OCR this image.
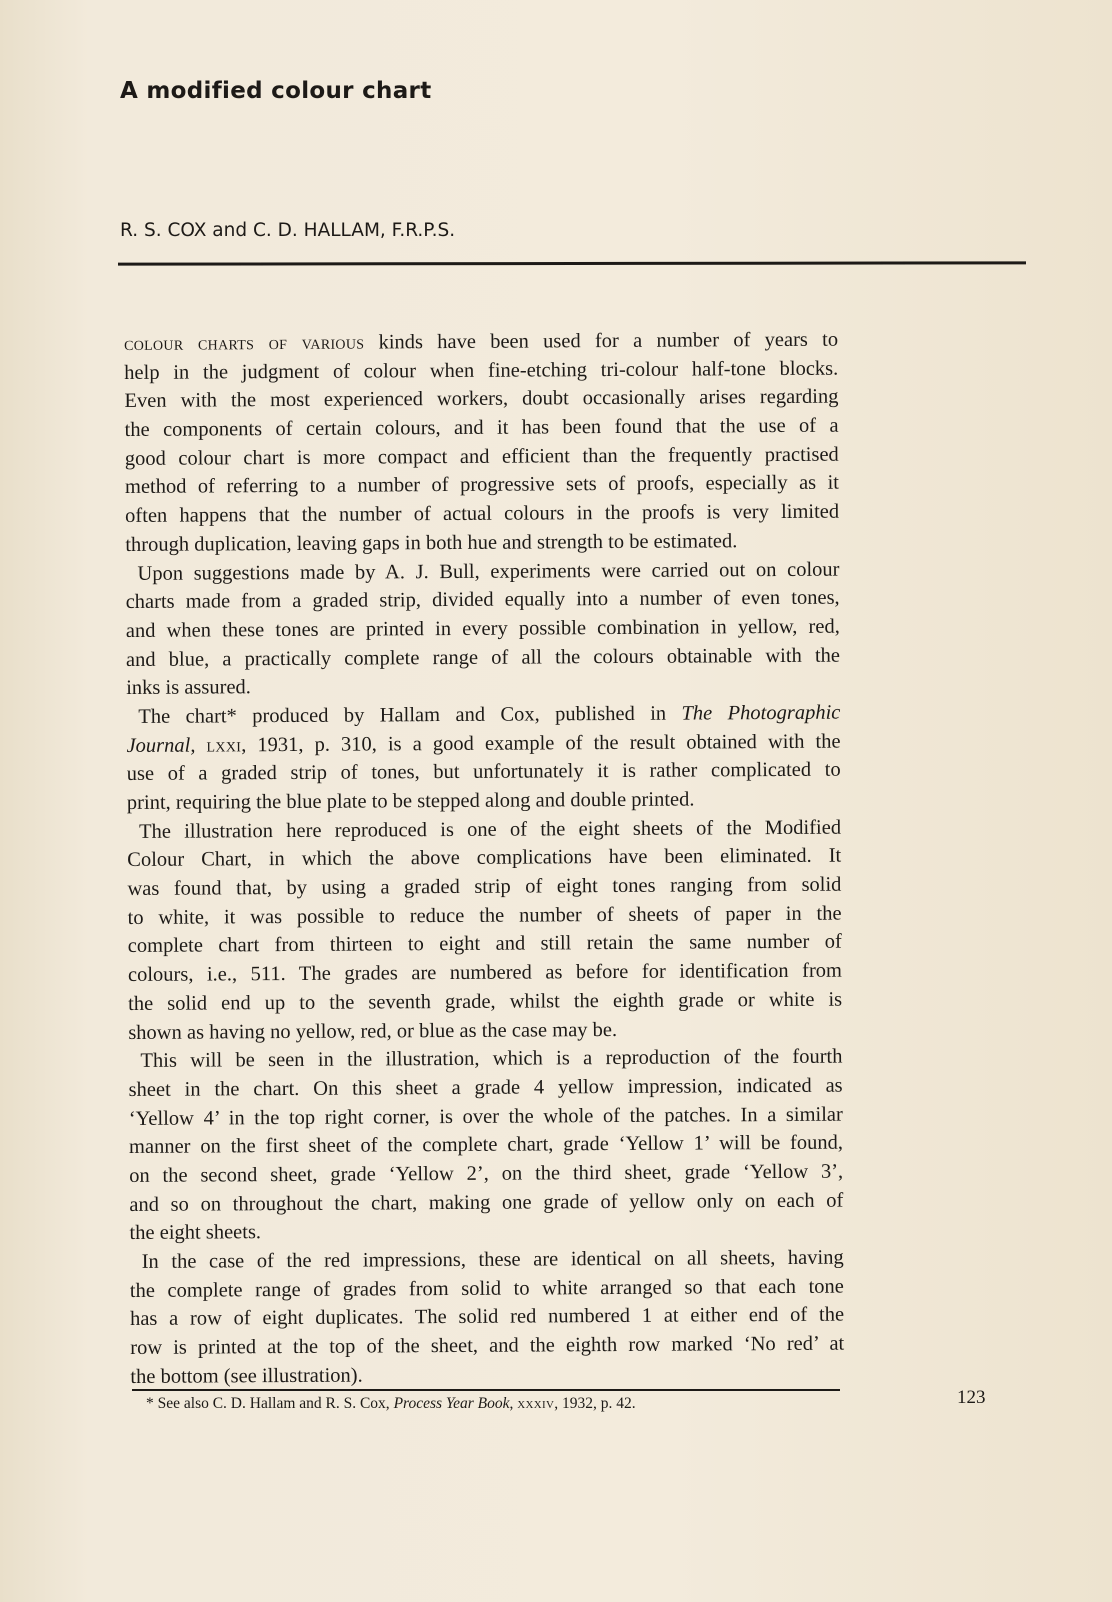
A modified colour chart
R. S. COX and C. D. HALLAM, F.R.P.S.
colour charts of various kinds have been used for a number of years to
help in the judgment of colour when fine-etching tri-colour half-tone blocks.
Even with the most experienced workers, doubt occasionally arises regarding
the components of certain colours, and it has been found that the use of a
good colour chart is more compact and efficient than the frequently practised
method of referring to a number of progressive sets of proofs, especially as it
often happens that the number of actual colours in the proofs is very limited
through duplication, leaving gaps in both hue and strength to be estimated.
Upon suggestions made by A. J. Bull, experiments were carried out on colour
charts made from a graded strip, divided equally into a number of even tones,
and when these tones are printed in every possible combination in yellow, red,
and blue, a practically complete range of all the colours obtainable with the
inks is assured.
The chart* produced by Hallam and Cox, published in The Photographic
Journal, lxxi, 1931, p. 310, is a good example of the result obtained with the
use of a graded strip of tones, but unfortunately it is rather complicated to
print, requiring the blue plate to be stepped along and double printed.
The illustration here reproduced is one of the eight sheets of the Modified
Colour Chart, in which the above complications have been eliminated. It
was found that, by using a graded strip of eight tones ranging from solid
to white, it was possible to reduce the number of sheets of paper in the
complete chart from thirteen to eight and still retain the same number of
colours, i.e., 511. The grades are numbered as before for identification from
the solid end up to the seventh grade, whilst the eighth grade or white is
shown as having no yellow, red, or blue as the case may be.
This will be seen in the illustration, which is a reproduction of the fourth
sheet in the chart. On this sheet a grade 4 yellow impression, indicated as
‘Yellow 4’ in the top right corner, is over the whole of the patches. In a similar
manner on the first sheet of the complete chart, grade ‘Yellow 1’ will be found,
on the second sheet, grade ‘Yellow 2’, on the third sheet, grade ‘Yellow 3’,
and so on throughout the chart, making one grade of yellow only on each of
the eight sheets.
In the case of the red impressions, these are identical on all sheets, having
the complete range of grades from solid to white arranged so that each tone
has a row of eight duplicates. The solid red numbered 1 at either end of the
row is printed at the top of the sheet, and the eighth row marked ‘No red’ at
the bottom (see illustration).
* See also C. D. Hallam and R. S. Cox, Process Year Book, xxxiv, 1932, p. 42.	123
